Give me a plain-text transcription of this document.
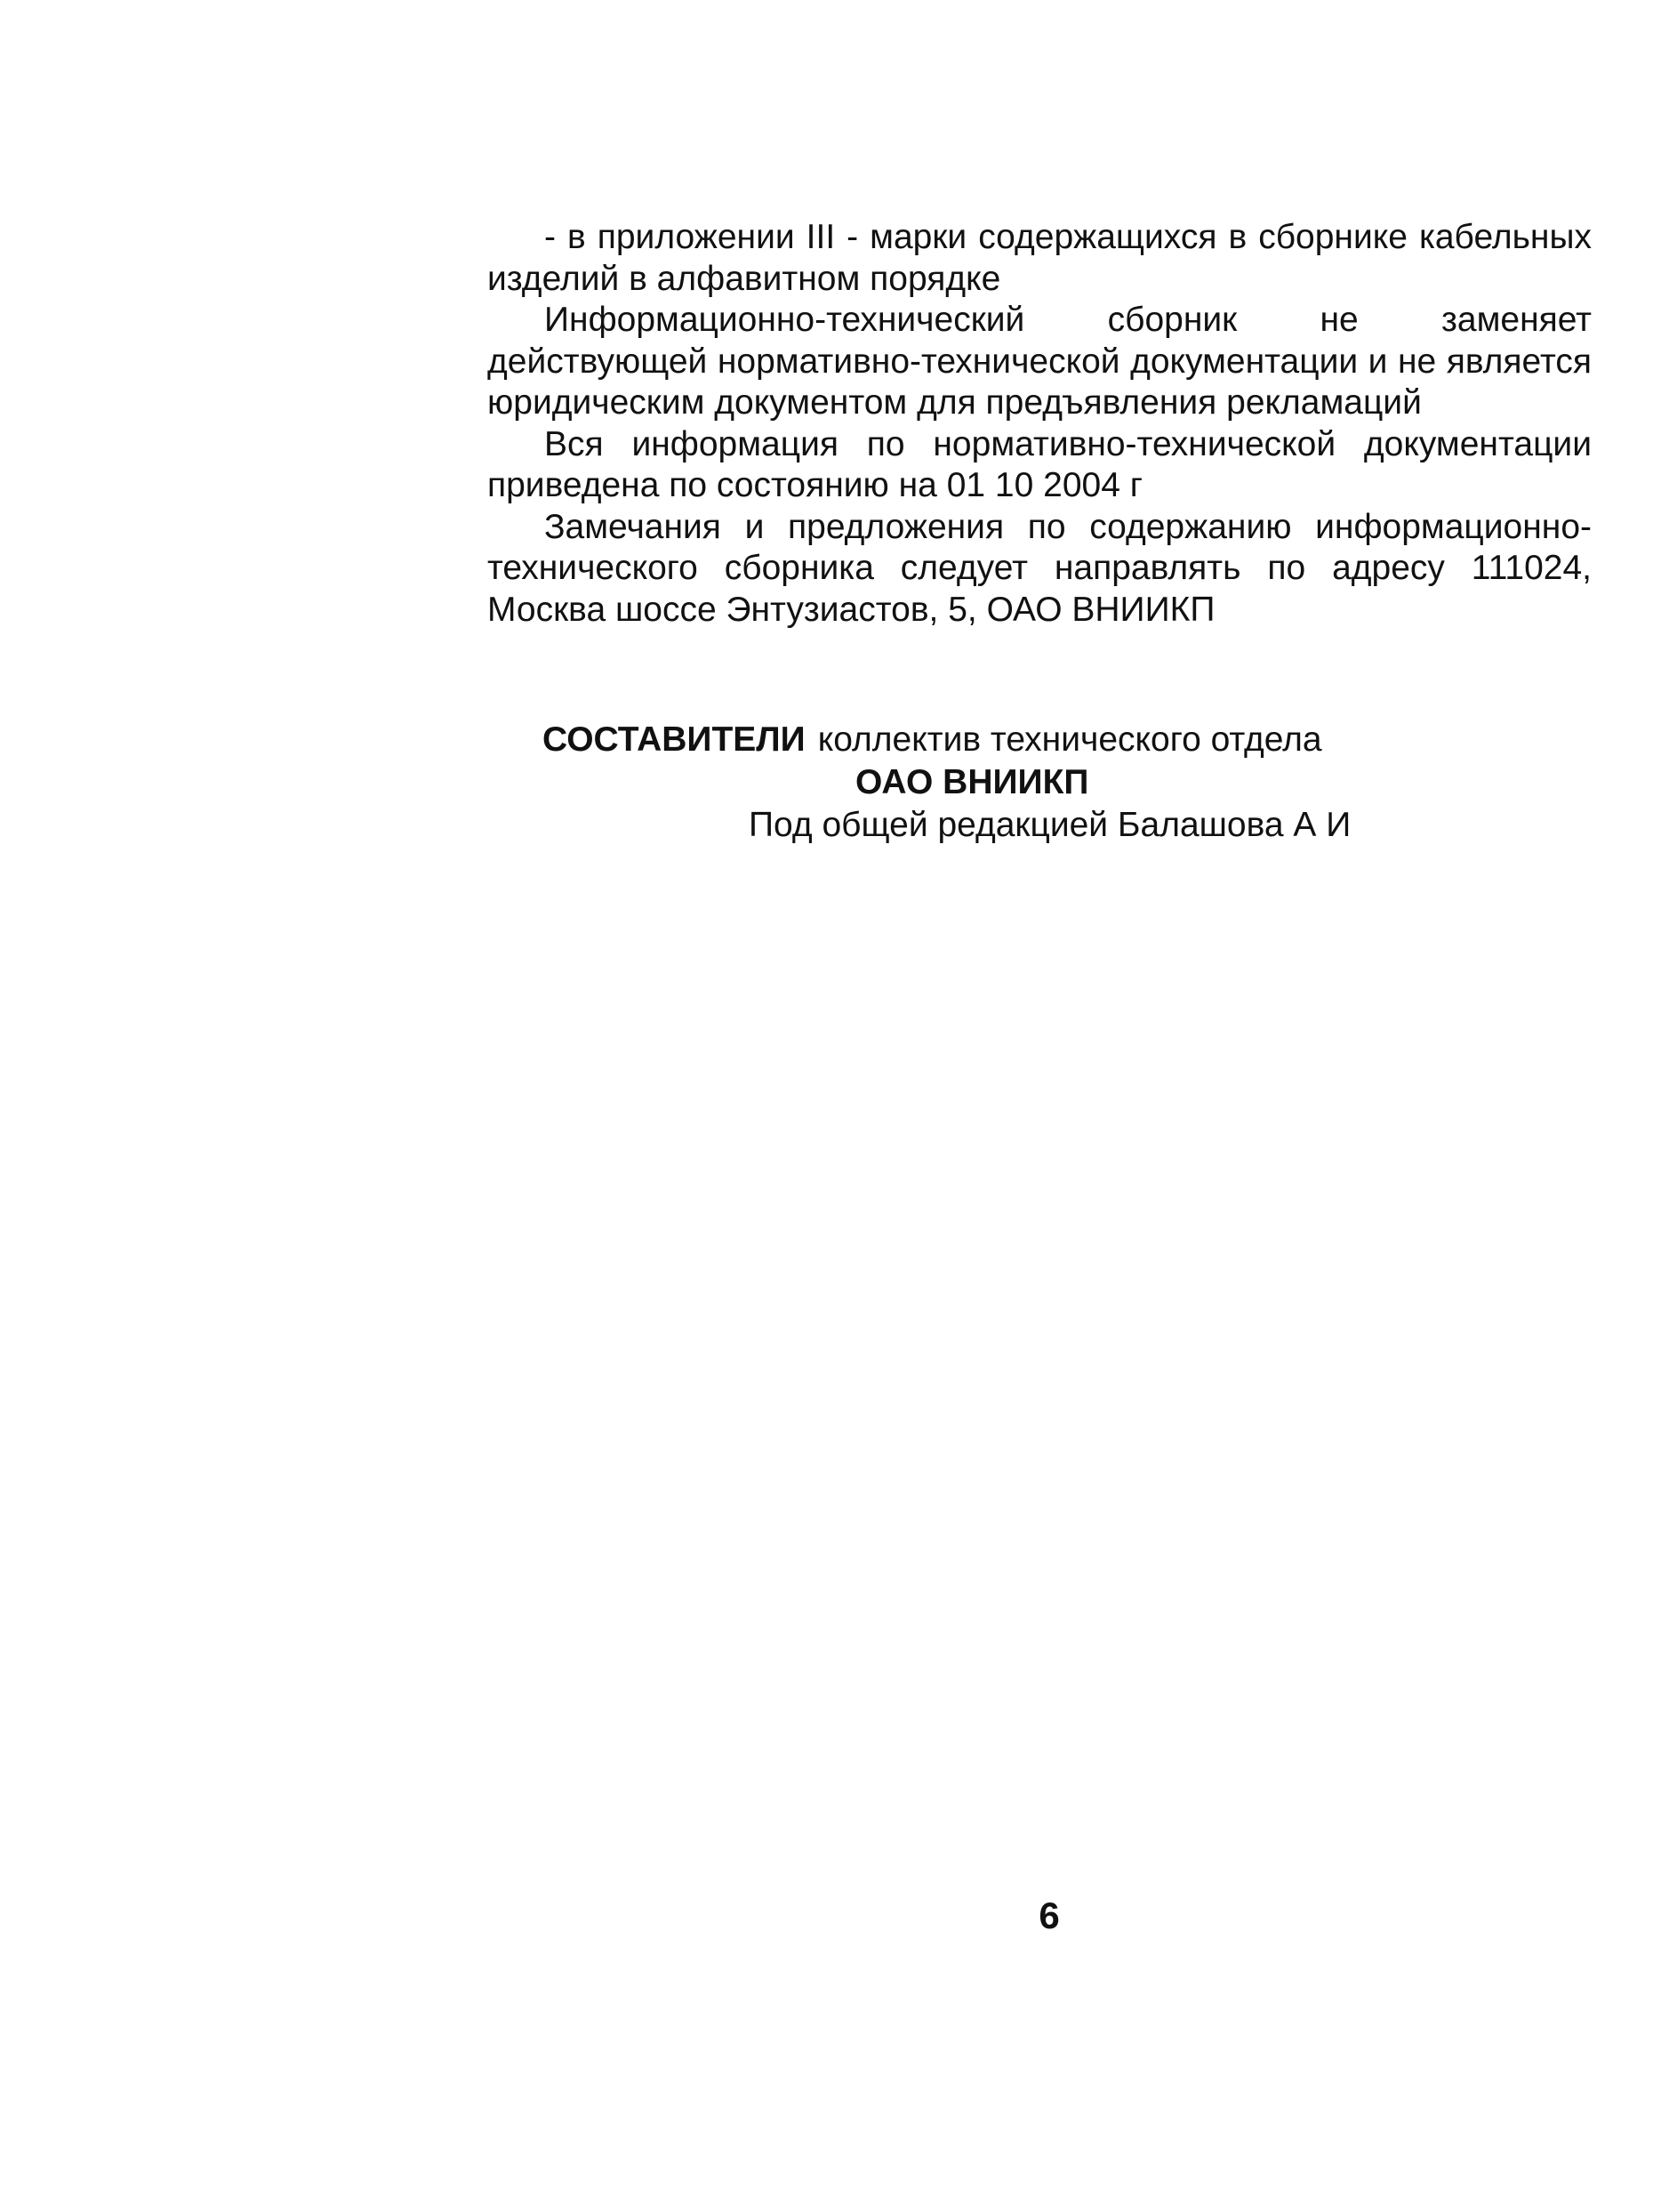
- в приложении III - марки содержащихся в сборнике кабельных изделий в алфавитном порядке

Информационно-технический сборник не заменяет действующей нормативно-технической документации и не является юридическим документом для предъявления рекламаций

Вся информация по нормативно-технической документации приведена по состоянию на 01 10 2004 г

Замечания и предложения по содержанию информационно-технического сборника следует направлять по адресу 111024, Москва шоссе Энтузиастов, 5, ОАО ВНИИКП

СОСТАВИТЕЛИ коллектив технического отдела

ОАО ВНИИКП

Под общей редакцией Балашова А И

6
